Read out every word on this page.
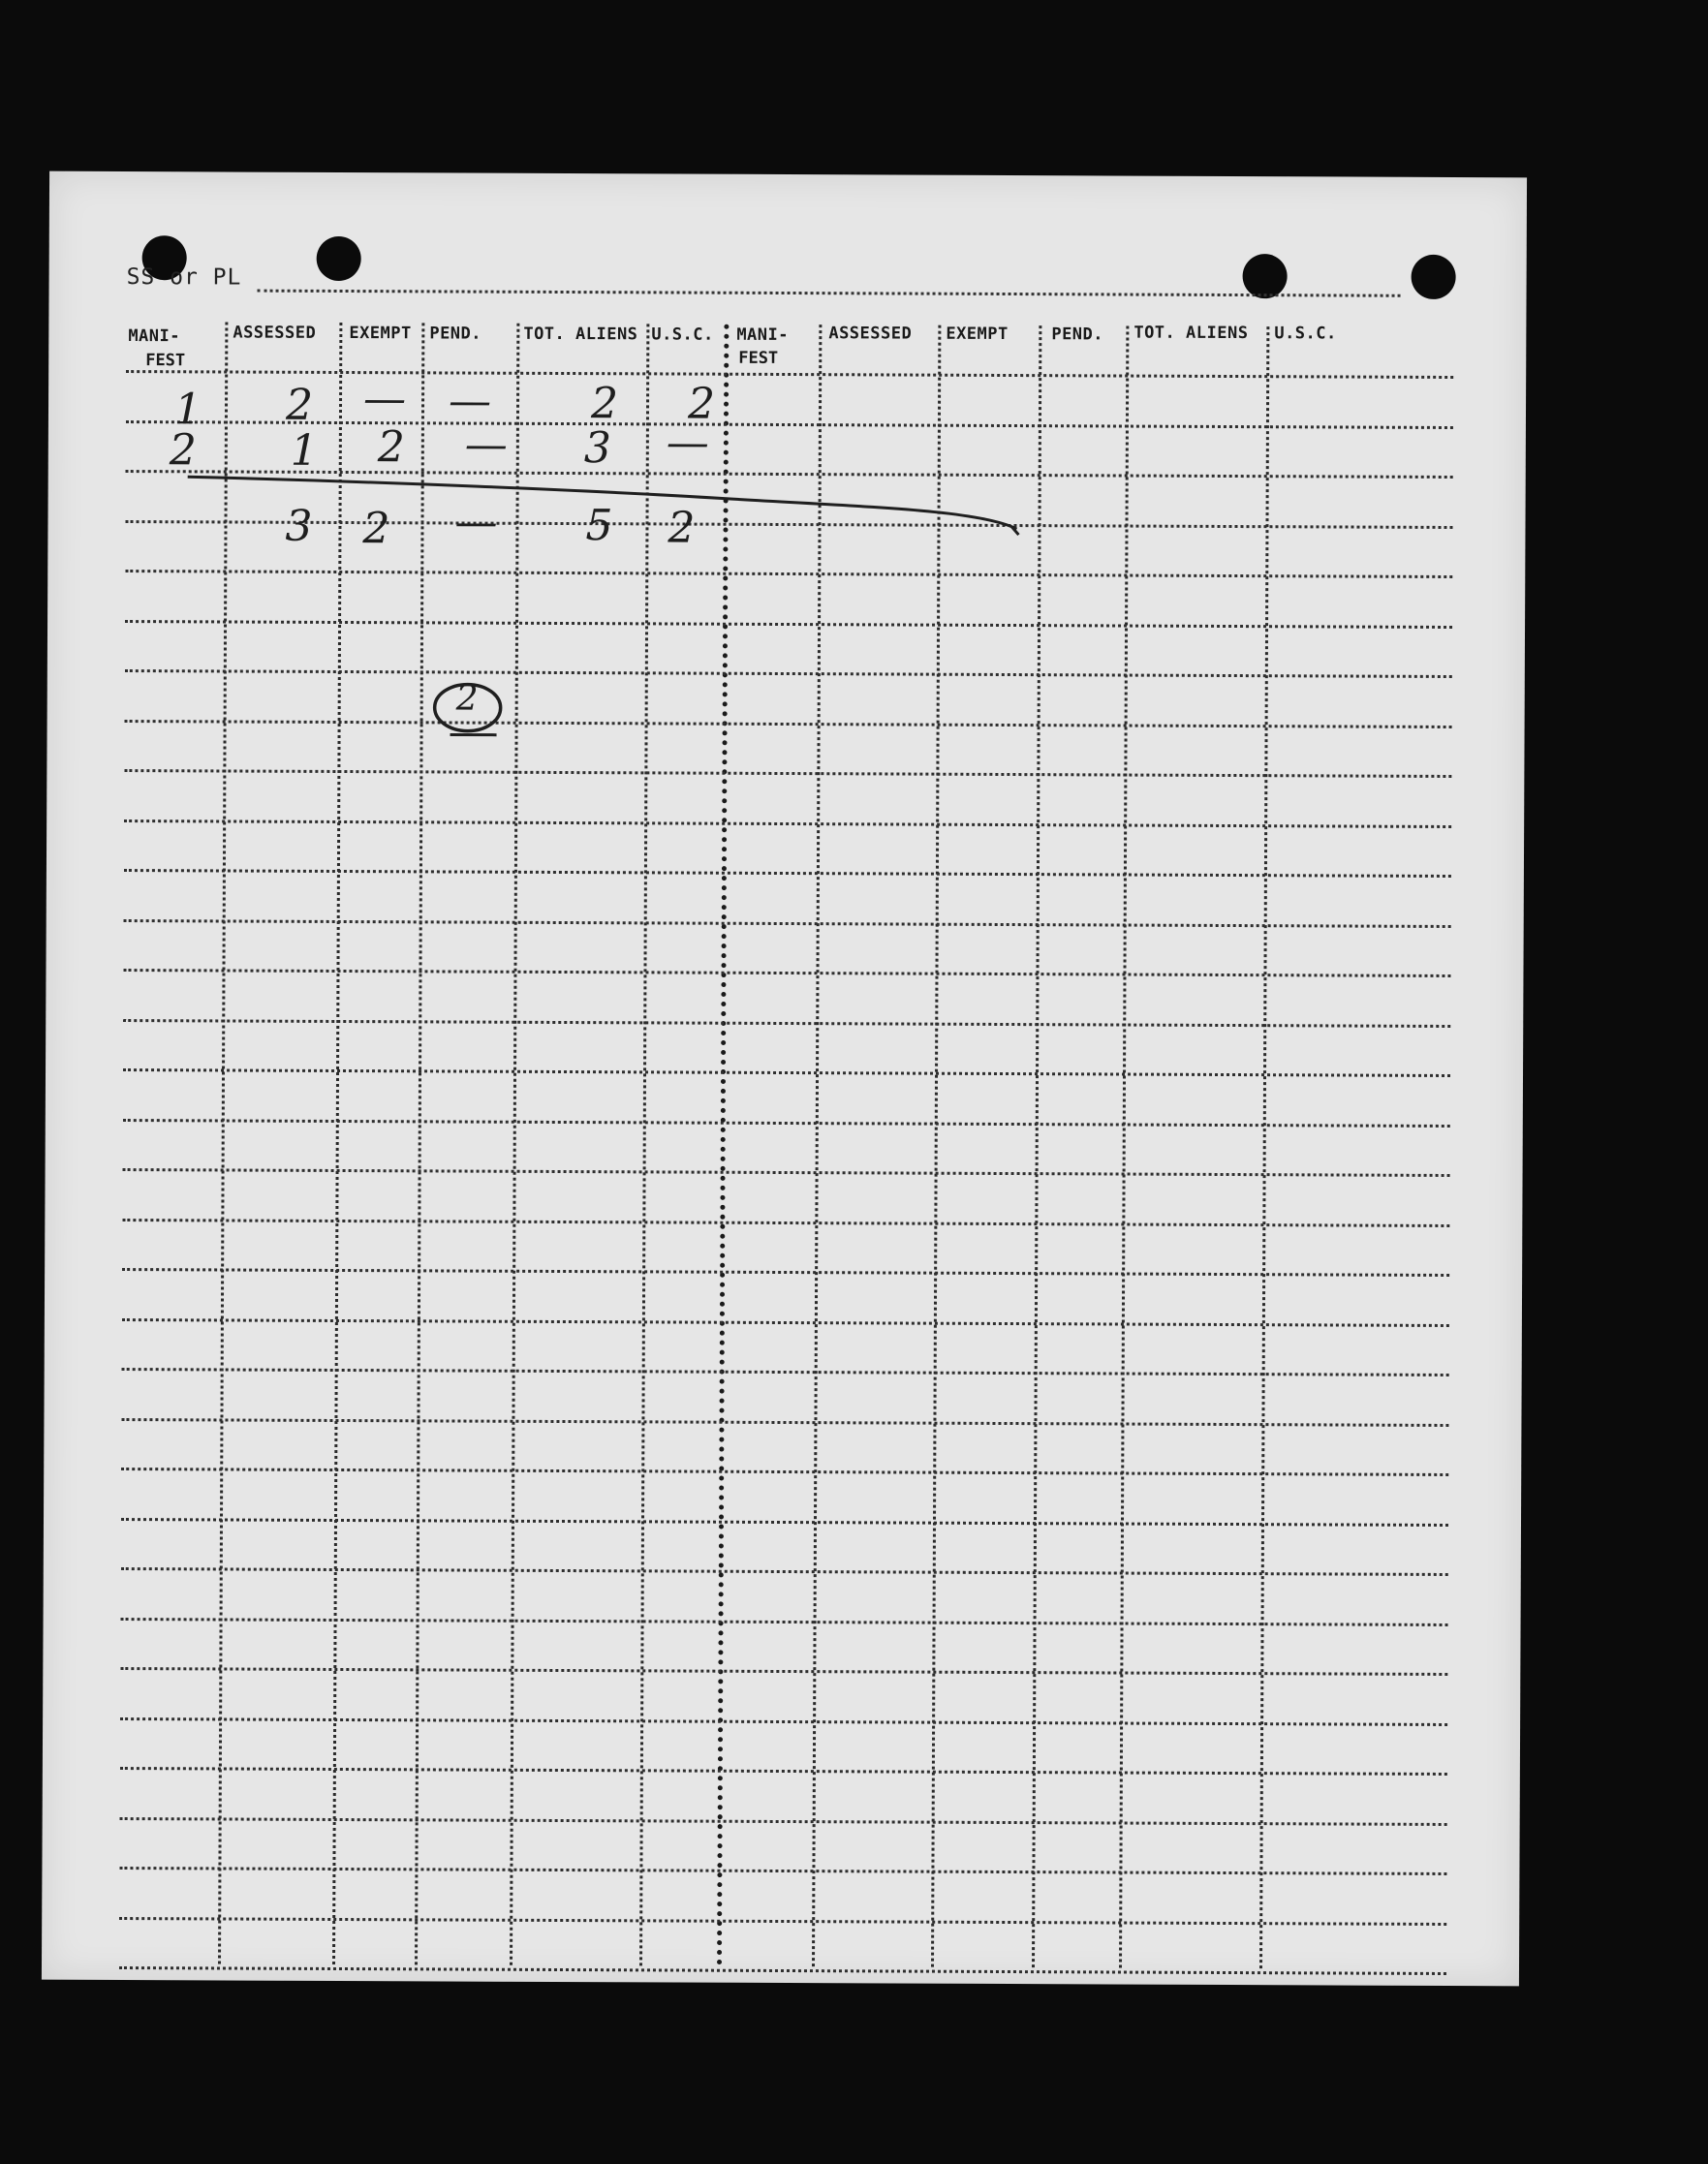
SS or PL
MANI-
FEST
ASSESSED EXEMPT PEND.	TOT. ALIENS U.S.C. MANI-
FEST
ASSESSED EXEMPT	PEND. TOT. ALIENS U.S.C.
1 2 — — 2 2
2 1 2 — 3 —
3 2 — 5 2
2
